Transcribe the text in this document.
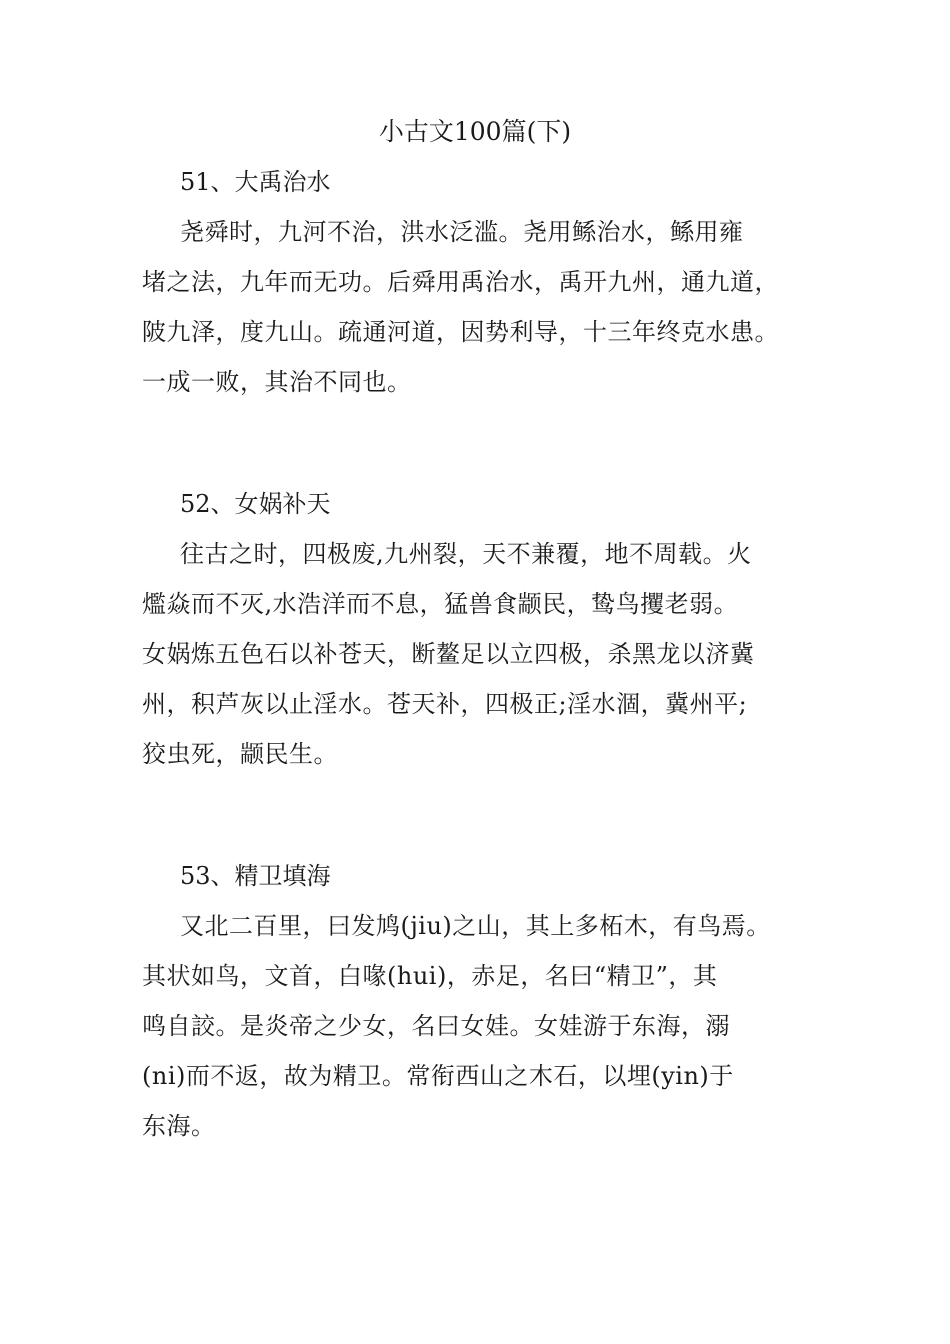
小古文100篇(下)
51、大禹治水
尧舜时，九河不治，洪水泛滥。尧用鲧治水，鲧用雍
堵之法，九年而无功。后舜用禹治水，禹开九州，通九道，
陂九泽，度九山。疏通河道，因势利导，十三年终克水患。
一成一败，其治不同也。
52、女娲补天
往古之时，四极废,九州裂，天不兼覆，地不周载。火
爁焱而不灭,水浩洋而不息，猛兽食颛民，鸷鸟攫老弱。
女娲炼五色石以补苍天，断鳌足以立四极，杀黑龙以济冀
州，积芦灰以止淫水。苍天补，四极正;淫水涸，冀州平;
狡虫死，颛民生。
53、精卫填海
又北二百里，曰发鸠(jiu)之山，其上多柘木，有鸟焉。
其状如鸟，文首，白喙(hui)，赤足，名曰“精卫”，其
鸣自詨。是炎帝之少女，名曰女娃。女娃游于东海，溺
(ni)而不返，故为精卫。常衔西山之木石，以埋(yin)于
东海。
